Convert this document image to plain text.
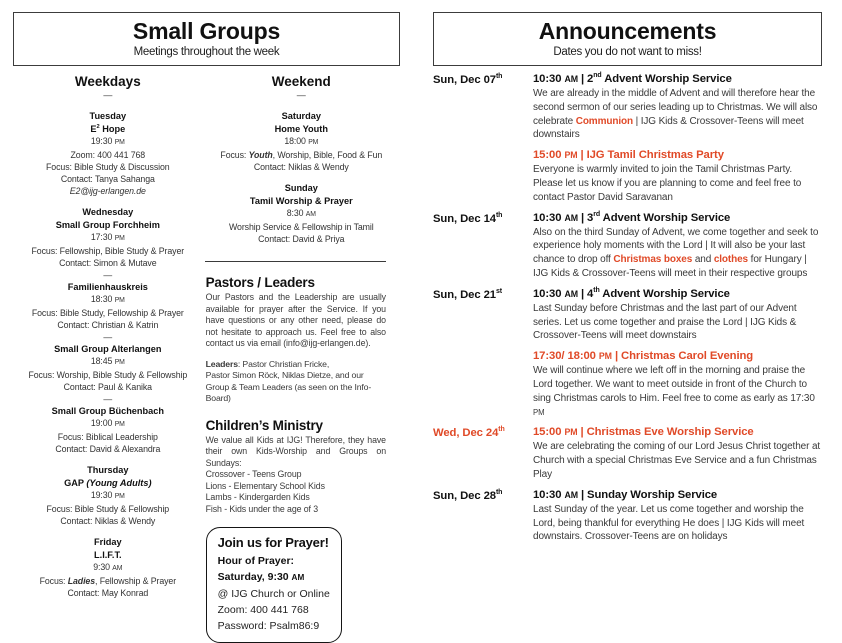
Small Groups
Meetings throughout the week
Weekdays
—
Tuesday
$E^2$ Hope
19:30 PM
Zoom: 400 441 768
Focus: Bible Study & Discussion
Contact: Tanya Sahanga
E2@ijg-erlangen.de
Wednesday
Small Group Forchheim
17:30 PM
Focus: Fellowship, Bible Study & Prayer
Contact: Simon & Mutave
—
Familienhauskreis
18:30 PM
Focus: Bible Study, Fellowship & Prayer
Contact: Christian & Katrin
—
Small Group Alterlangen
18:45 PM
Focus: Worship, Bible Study & Fellowship
Contact: Paul & Kanika
—
Small Group Büchenbach
19:00 PM
Focus: Biblical Leadership
Contact: David & Alexandra
Thursday
GAP (Young Adults)
19:30 PM
Focus: Bible Study & Fellowship
Contact: Niklas & Wendy
Friday
L.I.F.T.
9:30 AM
Focus: Ladies, Fellowship & Prayer
Contact: May Konrad
Weekend
—
Saturday
Home Youth
18:00 PM
Focus: Youth, Worship, Bible, Food & Fun
Contact: Niklas & Wendy
Sunday
Tamil Worship & Prayer
8:30 AM
Worship Service & Fellowship in Tamil
Contact: David & Priya
Pastors / Leaders

Our Pastors and the Leadership are usually available for prayer after the Service. If you have questions or any other need, please do not hesitate to approach us. Feel free to also contact us via email (info@ijg-erlangen.de).

Leaders: Pastor Christian Fricke,
Pastor Simon Röck, Niklas Dietze, and our
Group & Team Leaders (as seen on the Info-Board)

Children’s Ministry

We value all Kids at IJG! Therefore, they have their own Kids-Worship and Groups on Sundays:

Crossover - Teens Group
Lions - Elementary School Kids
Lambs - Kindergarden Kids
Fish - Kids under the age of 3
Join us for Prayer!
Hour of Prayer:
Saturday, 9:30 AM
@ IJG Church or Online
Zoom: 400 441 768
Password: Psalm86:9
Announcements
Dates you do not want to miss!
Sun, Dec 07th	10:30 AM | 2nd Advent Worship Service

We are already in the middle of Advent and will therefore hear the second sermon of our series leading up to Christmas. We will also celebrate Communion | IJG Kids & Crossover-Teens will meet downstairs

15:00 PM | IJG Tamil Christmas Party

Everyone is warmly invited to join the Tamil Christmas Party. Please let us know if you are planning to come and feel free to contact Pastor David Saravanan

Sun, Dec 14th	10:30 AM | 3rd Advent Worship Service

Also on the third Sunday of Advent, we come together and seek to experience holy moments with the Lord | It will also be your last chance to drop off Christmas boxes and clothes for Hungary | IJG Kids & Crossover-Teens will meet in their respective groups

Sun, Dec 21st	10:30 AM | 4th Advent Worship Service

Last Sunday before Christmas and the last part of our Advent series. Let us come together and praise the Lord | IJG Kids & Crossover-Teens will meet downstairs

17:30/ 18:00 PM | Christmas Carol Evening

We will continue where we left off in the morning and praise the Lord together. We want to meet outside in front of the Church to sing Christmas carols to Him. Feel free to come as early as 17:30 PM

Wed, Dec 24th	15:00 PM | Christmas Eve Worship Service

We are celebrating the coming of our Lord Jesus Christ together at Church with a special Christmas Eve Service and a fun Christmas Play

Sun, Dec 28th	10:30 AM | Sunday Worship Service

Last Sunday of the year. Let us come together and worship the Lord, being thankful for everything He does | IJG Kids will meet downstairs. Crossover-Teens are on holidays
